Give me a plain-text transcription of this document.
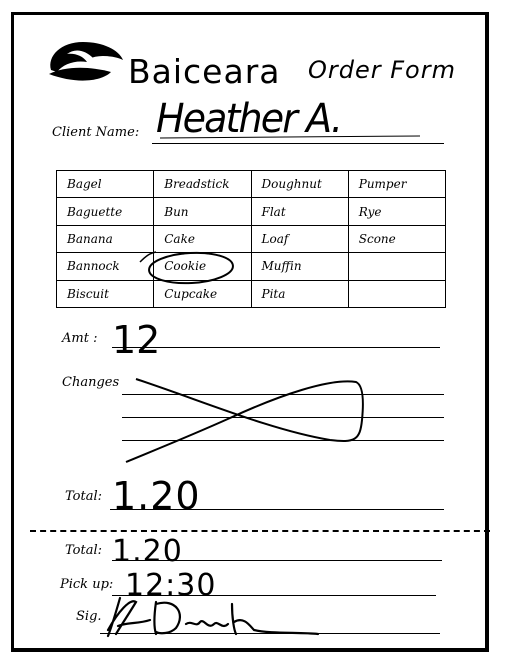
Baiceara Order Form
Client Name: Heather A.
Bagel	Breadstick	Doughnut	Pumper
Baguette	Bun	Flat	Rye
Banana	Cake	Loaf	Scone
Bannock	Cookie	Muffin	
Biscuit	Cupcake	Pita	
Amt : 12
Changes
Total: 1.20
Total: 1.20
Pick up: 12:30
Sig.
